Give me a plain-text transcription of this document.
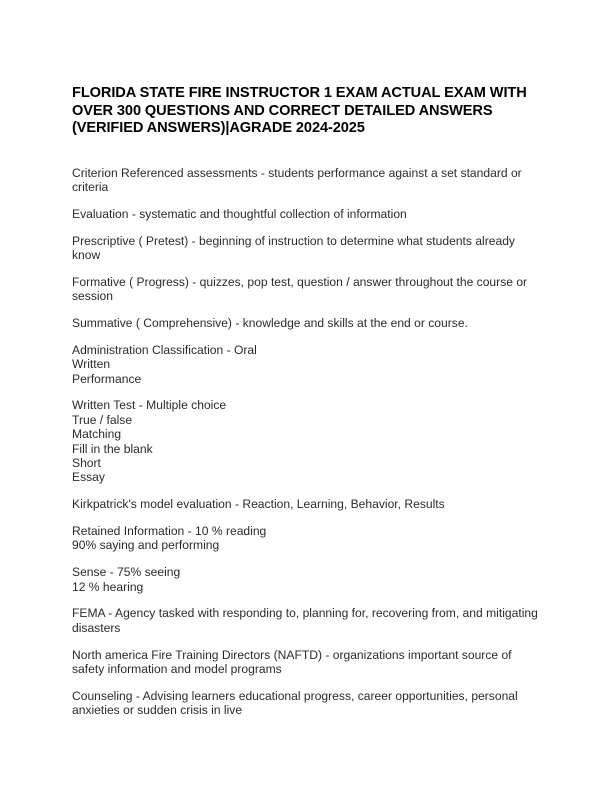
FLORIDA STATE FIRE INSTRUCTOR 1 EXAM ACTUAL EXAM WITH
OVER 300 QUESTIONS AND CORRECT DETAILED ANSWERS
(VERIFIED ANSWERS)|AGRADE 2024-2025
Criterion Referenced assessments - students performance against a set standard or
criteria
Evaluation - systematic and thoughtful collection of information
Prescriptive ( Pretest) - beginning of instruction to determine what students already
know
Formative ( Progress) - quizzes, pop test, question / answer throughout the course or
session
Summative ( Comprehensive) - knowledge and skills at the end or course.
Administration Classification - Oral
Written
Performance
Written Test - Multiple choice
True / false
Matching
Fill in the blank
Short
Essay
Kirkpatrick's model evaluation - Reaction, Learning, Behavior, Results
Retained Information - 10 % reading
90% saying and performing
Sense - 75% seeing
12 % hearing
FEMA - Agency tasked with responding to, planning for, recovering from, and mitigating
disasters
North america Fire Training Directors (NAFTD) - organizations important source of
safety information and model programs
Counseling - Advising learners educational progress, career opportunities, personal
anxieties or sudden crisis in live
